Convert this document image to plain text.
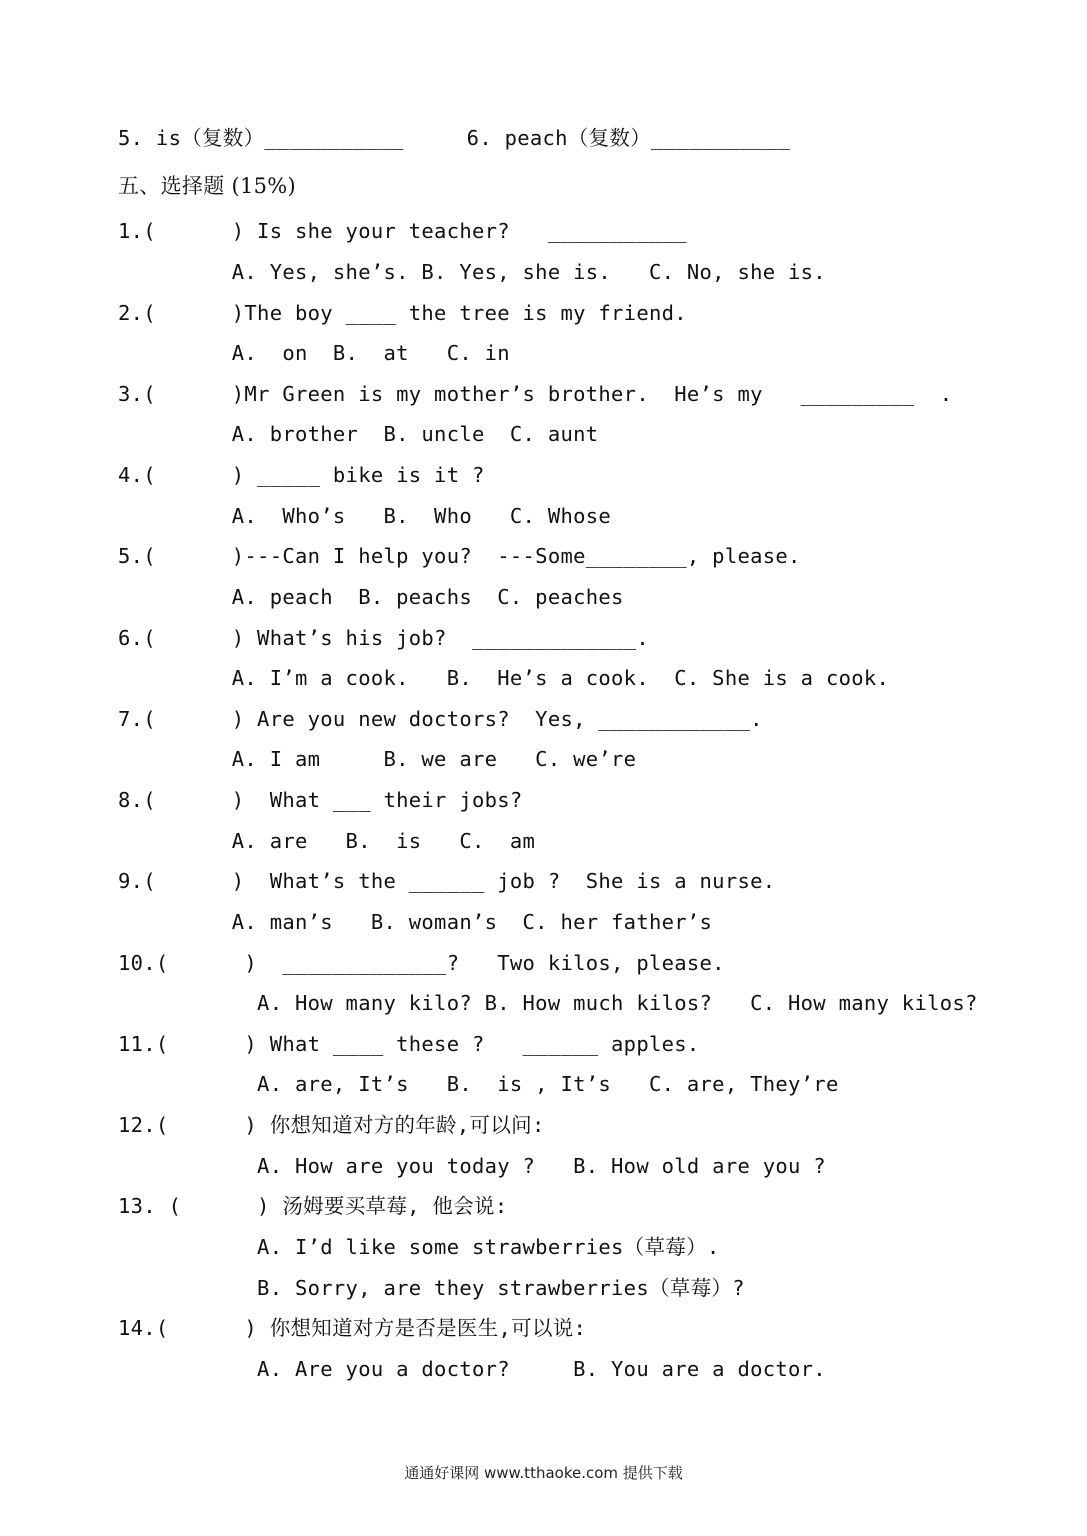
5. is（复数）___________     6. peach（复数）___________
五、选择题 (15%)
1.(      ) Is she your teacher?   ___________
A. Yes, she’s. B. Yes, she is.   C. No, she is.
2.(      )The boy ____ the tree is my friend.
A.  on  B.  at   C. in
3.(      )Mr Green is my mother’s brother.  He’s my   _________  .
A. brother  B. uncle  C. aunt
4.(      ) _____ bike is it ?
A.  Who’s   B.  Who   C. Whose
5.(      )---Can I help you?  ---Some________, please.
A. peach  B. peachs  C. peaches
6.(      ) What’s his job?  _____________.
A. I’m a cook.   B.  He’s a cook.  C. She is a cook.
7.(      ) Are you new doctors?  Yes, ____________.
A. I am     B. we are   C. we’re
8.(      )  What ___ their jobs?
A. are   B.  is   C.  am
9.(      )  What’s the ______ job ?  She is a nurse.
A. man’s   B. woman’s  C. her father’s
10.(      )  _____________?   Two kilos, please.
A. How many kilo? B. How much kilos?   C. How many kilos?
11.(      ) What ____ these ?   ______ apples.
A. are, It’s   B.  is , It’s   C. are, They’re
12.(      ) 你想知道对方的年龄,可以问:
A. How are you today ?   B. How old are you ?
13. (      ) 汤姆要买草莓, 他会说:
A. I’d like some strawberries（草莓）.
B. Sorry, are they strawberries（草莓）?
14.(      ) 你想知道对方是否是医生,可以说:
A. Are you a doctor?     B. You are a doctor.
通通好课网 www.tthaoke.com 提供下载
